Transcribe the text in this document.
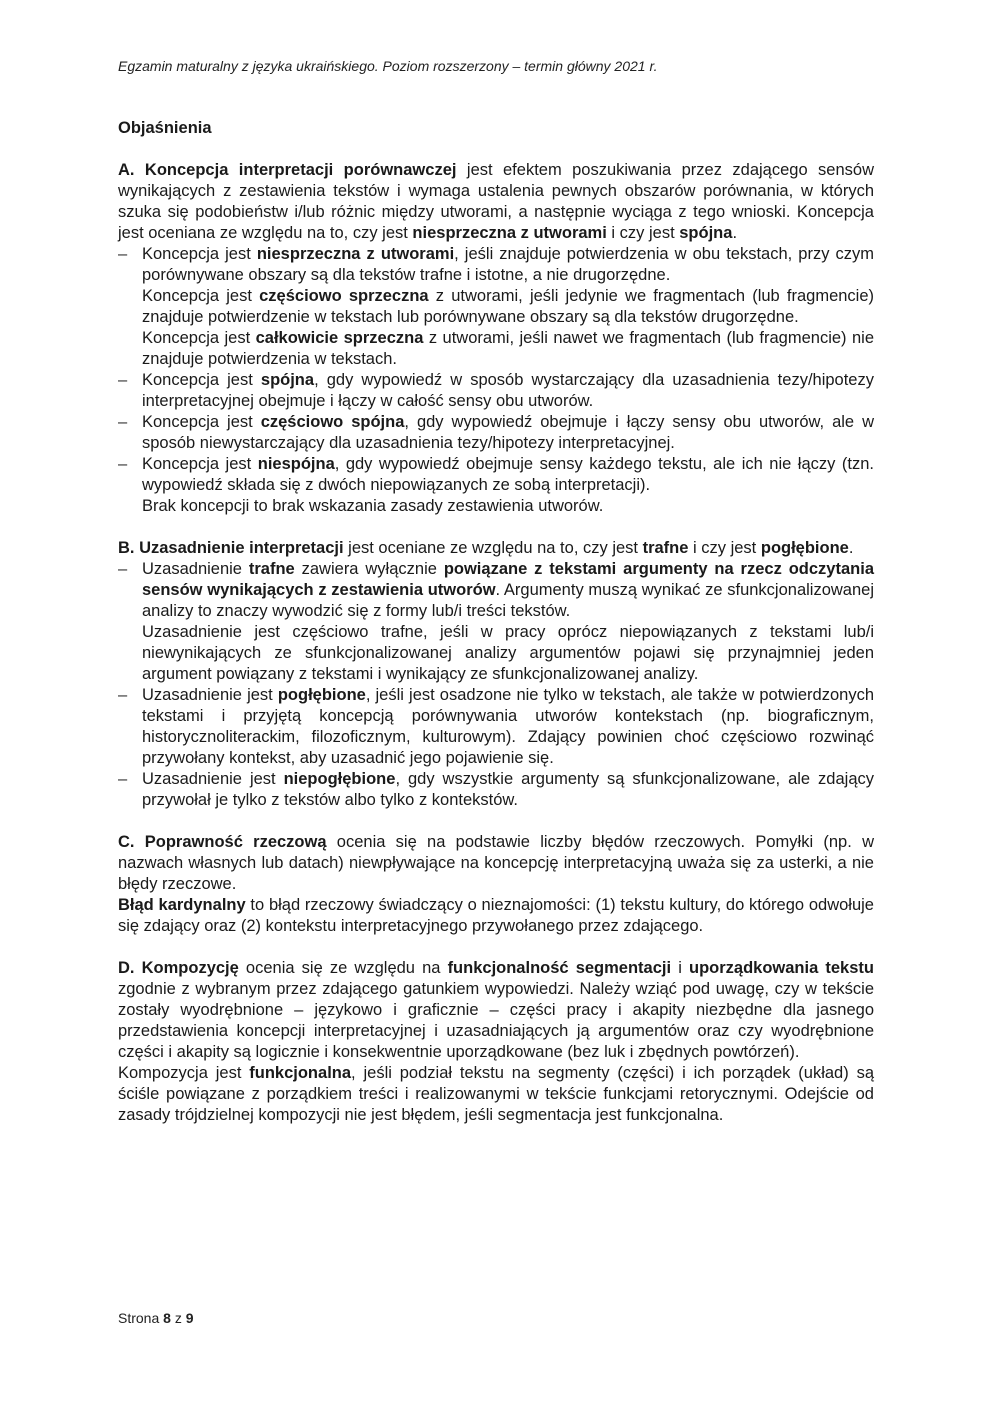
Egzamin maturalny z języka ukraińskiego. Poziom rozszerzony – termin główny 2021 r.

Objaśnienia

A. Koncepcja interpretacji porównawczej jest efektem poszukiwania przez zdającego sensów wynikających z zestawienia tekstów i wymaga ustalenia pewnych obszarów porównania, w których szuka się podobieństw i/lub różnic między utworami, a następnie wyciąga z tego wnioski. Koncepcja jest oceniana ze względu na to, czy jest niesprzeczna z utworami i czy jest spójna.

– Koncepcja jest niesprzeczna z utworami, jeśli znajduje potwierdzenia w obu tekstach, przy czym porównywane obszary są dla tekstów trafne i istotne, a nie drugorzędne.

Koncepcja jest częściowo sprzeczna z utworami, jeśli jedynie we fragmentach (lub fragmencie) znajduje potwierdzenie w tekstach lub porównywane obszary są dla tekstów drugorzędne.

Koncepcja jest całkowicie sprzeczna z utworami, jeśli nawet we fragmentach (lub fragmencie) nie znajduje potwierdzenia w tekstach.

– Koncepcja jest spójna, gdy wypowiedź w sposób wystarczający dla uzasadnienia tezy/hipotezy interpretacyjnej obejmuje i łączy w całość sensy obu utworów.

– Koncepcja jest częściowo spójna, gdy wypowiedź obejmuje i łączy sensy obu utworów, ale w sposób niewystarczający dla uzasadnienia tezy/hipotezy interpretacyjnej.

– Koncepcja jest niespójna, gdy wypowiedź obejmuje sensy każdego tekstu, ale ich nie łączy (tzn. wypowiedź składa się z dwóch niepowiązanych ze sobą interpretacji).

Brak koncepcji to brak wskazania zasady zestawienia utworów.

B. Uzasadnienie interpretacji jest oceniane ze względu na to, czy jest trafne i czy jest pogłębione.

– Uzasadnienie trafne zawiera wyłącznie powiązane z tekstami argumenty na rzecz odczytania sensów wynikających z zestawienia utworów. Argumenty muszą wynikać ze sfunkcjonalizowanej analizy to znaczy wywodzić się z formy lub/i treści tekstów.

Uzasadnienie jest częściowo trafne, jeśli w pracy oprócz niepowiązanych z tekstami lub/i niewynikających ze sfunkcjonalizowanej analizy argumentów pojawi się przynajmniej jeden argument powiązany z tekstami i wynikający ze sfunkcjonalizowanej analizy.

– Uzasadnienie jest pogłębione, jeśli jest osadzone nie tylko w tekstach, ale także w potwierdzonych tekstami i przyjętą koncepcją porównywania utworów kontekstach (np. biograficznym, historycznoliterackim, filozoficznym, kulturowym). Zdający powinien choć częściowo rozwinąć przywołany kontekst, aby uzasadnić jego pojawienie się.

– Uzasadnienie jest niepogłębione, gdy wszystkie argumenty są sfunkcjonalizowane, ale zdający przywołał je tylko z tekstów albo tylko z kontekstów.

C. Poprawność rzeczową ocenia się na podstawie liczby błędów rzeczowych. Pomyłki (np. w nazwach własnych lub datach) niewpływające na koncepcję interpretacyjną uważa się za usterki, a nie błędy rzeczowe.

Błąd kardynalny to błąd rzeczowy świadczący o nieznajomości: (1) tekstu kultury, do którego odwołuje się zdający oraz (2) kontekstu interpretacyjnego przywołanego przez zdającego.

D. Kompozycję ocenia się ze względu na funkcjonalność segmentacji i uporządkowania tekstu zgodnie z wybranym przez zdającego gatunkiem wypowiedzi. Należy wziąć pod uwagę, czy w tekście zostały wyodrębnione – językowo i graficznie – części pracy i akapity niezbędne dla jasnego przedstawienia koncepcji interpretacyjnej i uzasadniających ją argumentów oraz czy wyodrębnione części i akapity są logicznie i konsekwentnie uporządkowane (bez luk i zbędnych powtórzeń).

Kompozycja jest funkcjonalna, jeśli podział tekstu na segmenty (części) i ich porządek (układ) są ściśle powiązane z porządkiem treści i realizowanymi w tekście funkcjami retorycznymi. Odejście od zasady trójdzielnej kompozycji nie jest błędem, jeśli segmentacja jest funkcjonalna.

Strona 8 z 9
